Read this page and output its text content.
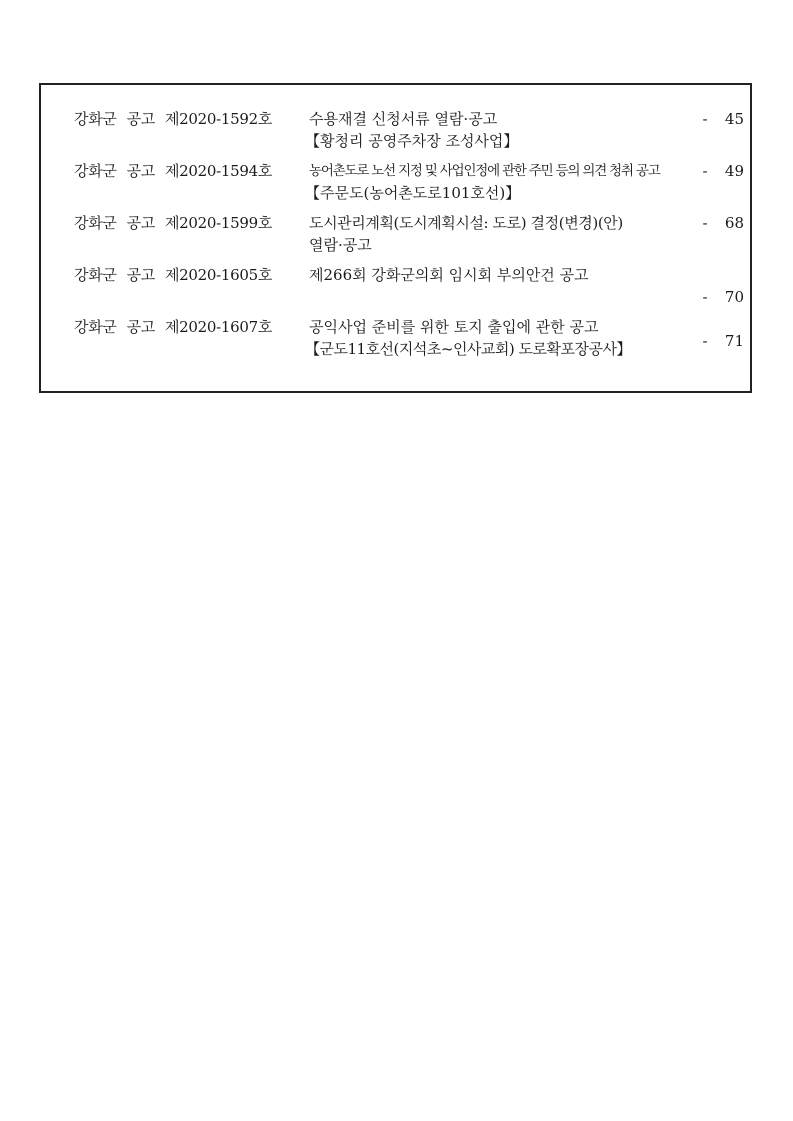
강화군 공고 제2020-1592호 수용재결 신청서류 열람·공고
【황청리 공영주차장 조성사업】
-	45
강화군 공고 제2020-1594호	농어촌도로 노선 지정 및 사업인정에 관한 주민 등의 의견 청취 공고
【주문도(농어촌도로101호선)】
-	49
강화군 공고 제2020-1599호 도시관리계획(도시계획시설: 도로) 결정(변경)(안)
열람·공고
-	68
강화군 공고 제2020-1605호 제266회 강화군의회 임시회 부의안건 공고
-	70
강화군 공고 제2020-1607호 공익사업 준비를 위한 토지 출입에 관한 공고
【군도11호선(지석초~인사교회) 도로확포장공사】	-	71
